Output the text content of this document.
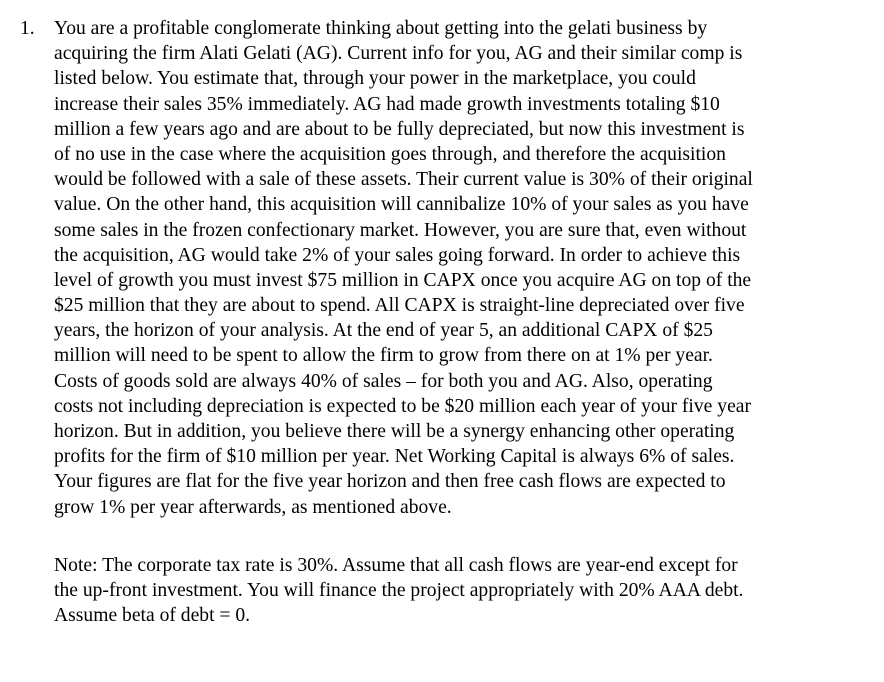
1. You are a profitable conglomerate thinking about getting into the gelati business by
acquiring the firm Alati Gelati (AG). Current info for you, AG and their similar comp is
listed below. You estimate that, through your power in the marketplace, you could
increase their sales 35% immediately. AG had made growth investments totaling $10
million a few years ago and are about to be fully depreciated, but now this investment is
of no use in the case where the acquisition goes through, and therefore the acquisition
would be followed with a sale of these assets. Their current value is 30% of their original
value. On the other hand, this acquisition will cannibalize 10% of your sales as you have
some sales in the frozen confectionary market. However, you are sure that, even without
the acquisition, AG would take 2% of your sales going forward. In order to achieve this
level of growth you must invest $75 million in CAPX once you acquire AG on top of the
$25 million that they are about to spend. All CAPX is straight-line depreciated over five
years, the horizon of your analysis. At the end of year 5, an additional CAPX of $25
million will need to be spent to allow the firm to grow from there on at 1% per year.
Costs of goods sold are always 40% of sales – for both you and AG. Also, operating
costs not including depreciation is expected to be $20 million each year of your five year
horizon. But in addition, you believe there will be a synergy enhancing other operating
profits for the firm of $10 million per year. Net Working Capital is always 6% of sales.
Your figures are flat for the five year horizon and then free cash flows are expected to
grow 1% per year afterwards, as mentioned above.
Note: The corporate tax rate is 30%. Assume that all cash flows are year-end except for
the up-front investment. You will finance the project appropriately with 20% AAA debt.
Assume beta of debt = 0.
